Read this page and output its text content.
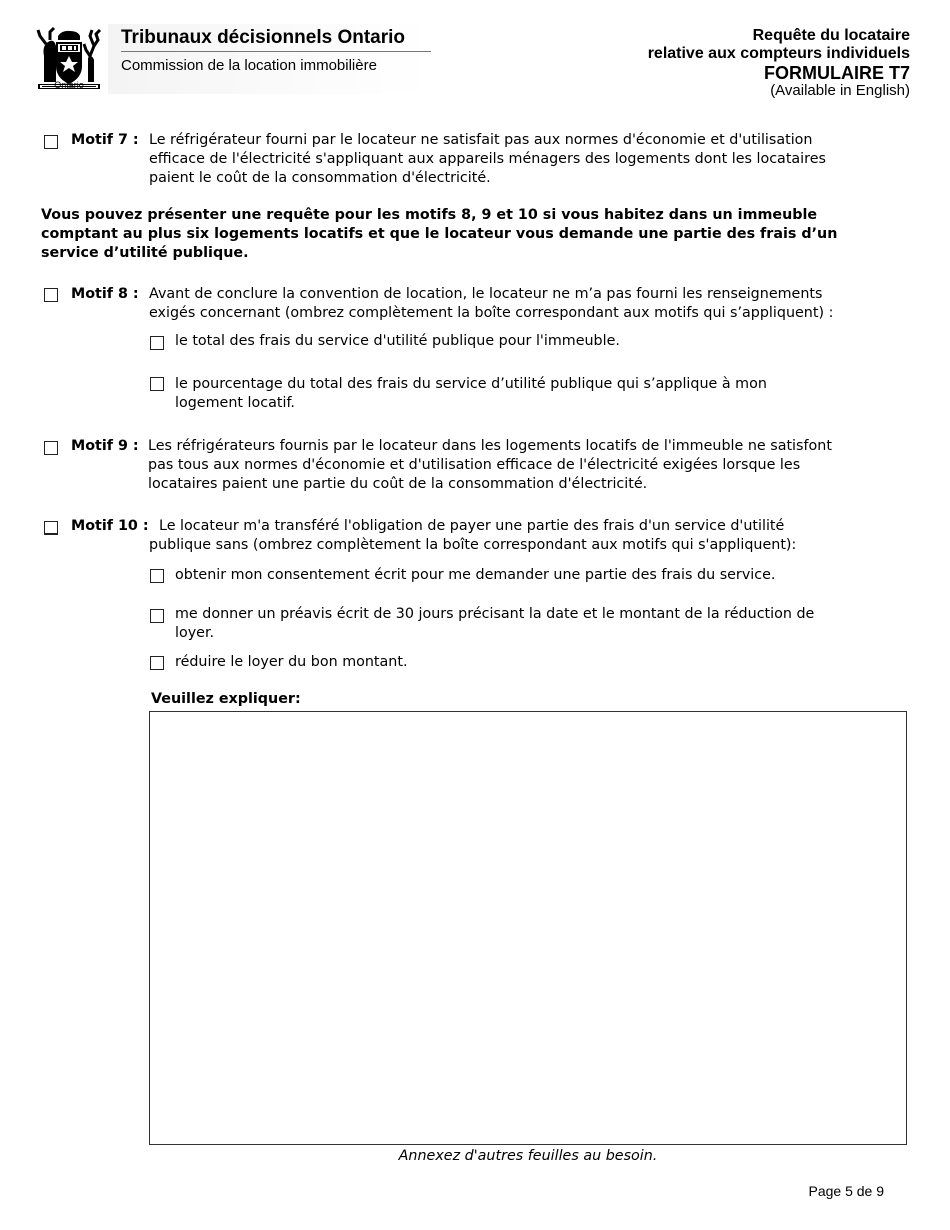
Ontario
Tribunaux décisionnels Ontario
Commission de la location immobilière
Requête du locataire
relative aux compteurs individuels
FORMULAIRE T7
(Available in English)
Motif 7 : Le réfrigérateur fourni par le locateur ne satisfait pas aux normes d'économie et d'utilisation
efficace de l'électricité s'appliquant aux appareils ménagers des logements dont les locataires
paient le coût de la consommation d'électricité.
Vous pouvez présenter une requête pour les motifs 8, 9 et 10 si vous habitez dans un immeuble
comptant au plus six logements locatifs et que le locateur vous demande une partie des frais d’un
service d’utilité publique.
Motif 8 : Avant de conclure la convention de location, le locateur ne m’a pas fourni les renseignements
exigés concernant (ombrez complètement la boîte correspondant aux motifs qui s’appliquent) :
le total des frais du service d'utilité publique pour l'immeuble.
le pourcentage du total des frais du service d’utilité publique qui s’applique à mon
logement locatif.
Motif 9 : Les réfrigérateurs fournis par le locateur dans les logements locatifs de l'immeuble ne satisfont
pas tous aux normes d'économie et d'utilisation efficace de l'électricité exigées lorsque les
locataires paient une partie du coût de la consommation d'électricité.
Motif 10 : Le locateur m'a transféré l'obligation de payer une partie des frais d'un service d'utilité
publique sans (ombrez complètement la boîte correspondant aux motifs qui s'appliquent):
obtenir mon consentement écrit pour me demander une partie des frais du service.
me donner un préavis écrit de 30 jours précisant la date et le montant de la réduction de
loyer.
réduire le loyer du bon montant.
Veuillez expliquer:
Annexez d'autres feuilles au besoin.
Page 5 de 9
